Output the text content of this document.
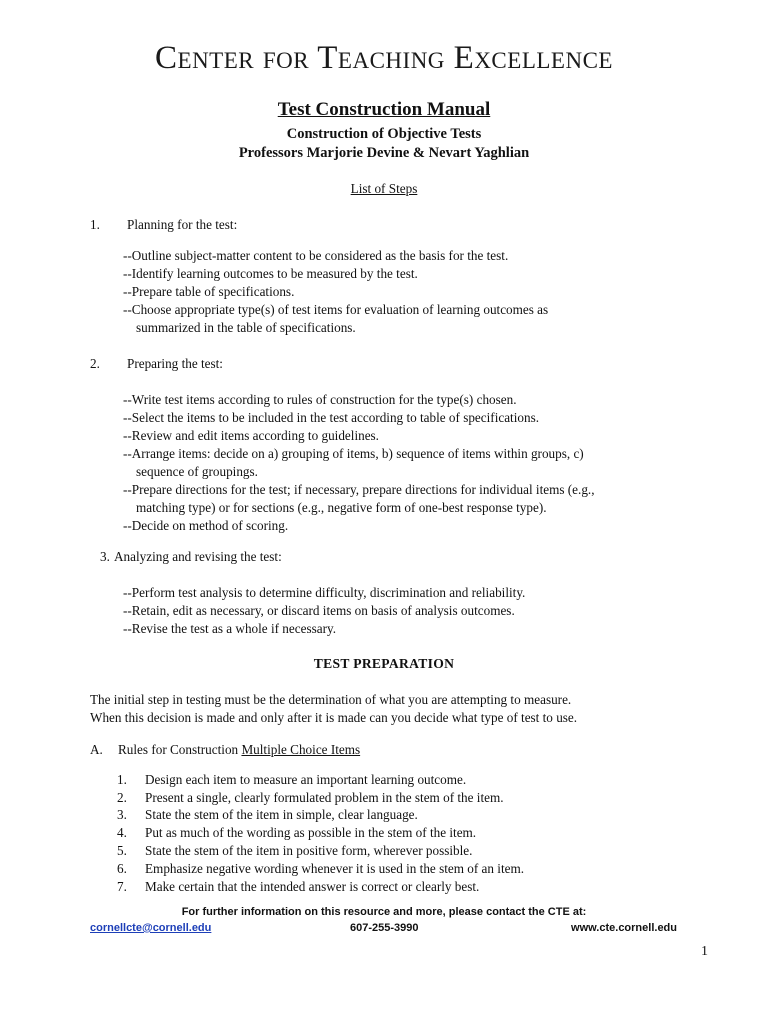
Center for Teaching Excellence
Test Construction Manual
Construction of Objective Tests
Professors Marjorie Devine & Nevart Yaghlian
List of Steps
1. Planning for the test:
--Outline subject-matter content to be considered as the basis for the test.
--Identify learning outcomes to be measured by the test.
--Prepare table of specifications.
--Choose appropriate type(s) of test items for evaluation of learning outcomes as
summarized in the table of specifications.
2. Preparing the test:
--Write test items according to rules of construction for the type(s) chosen.
--Select the items to be included in the test according to table of specifications.
--Review and edit items according to guidelines.
--Arrange items: decide on a) grouping of items, b) sequence of items within groups, c)
sequence of groupings.
--Prepare directions for the test; if necessary, prepare directions for individual items (e.g.,
matching type) or for sections (e.g., negative form of one-best response type).
--Decide on method of scoring.
3. Analyzing and revising the test:
--Perform test analysis to determine difficulty, discrimination and reliability.
--Retain, edit as necessary, or discard items on basis of analysis outcomes.
--Revise the test as a whole if necessary.
TEST PREPARATION
The initial step in testing must be the determination of what you are attempting to measure.
When this decision is made and only after it is made can you decide what type of test to use.
A. Rules for Construction Multiple Choice Items
1. Design each item to measure an important learning outcome.
2. Present a single, clearly formulated problem in the stem of the item.
3. State the stem of the item in simple, clear language.
4. Put as much of the wording as possible in the stem of the item.
5. State the stem of the item in positive form, wherever possible.
6. Emphasize negative wording whenever it is used in the stem of an item.
7. Make certain that the intended answer is correct or clearly best.
For further information on this resource and more, please contact the CTE at:
cornellcte@cornell.edu	607-255-3990	www.cte.cornell.edu
1
